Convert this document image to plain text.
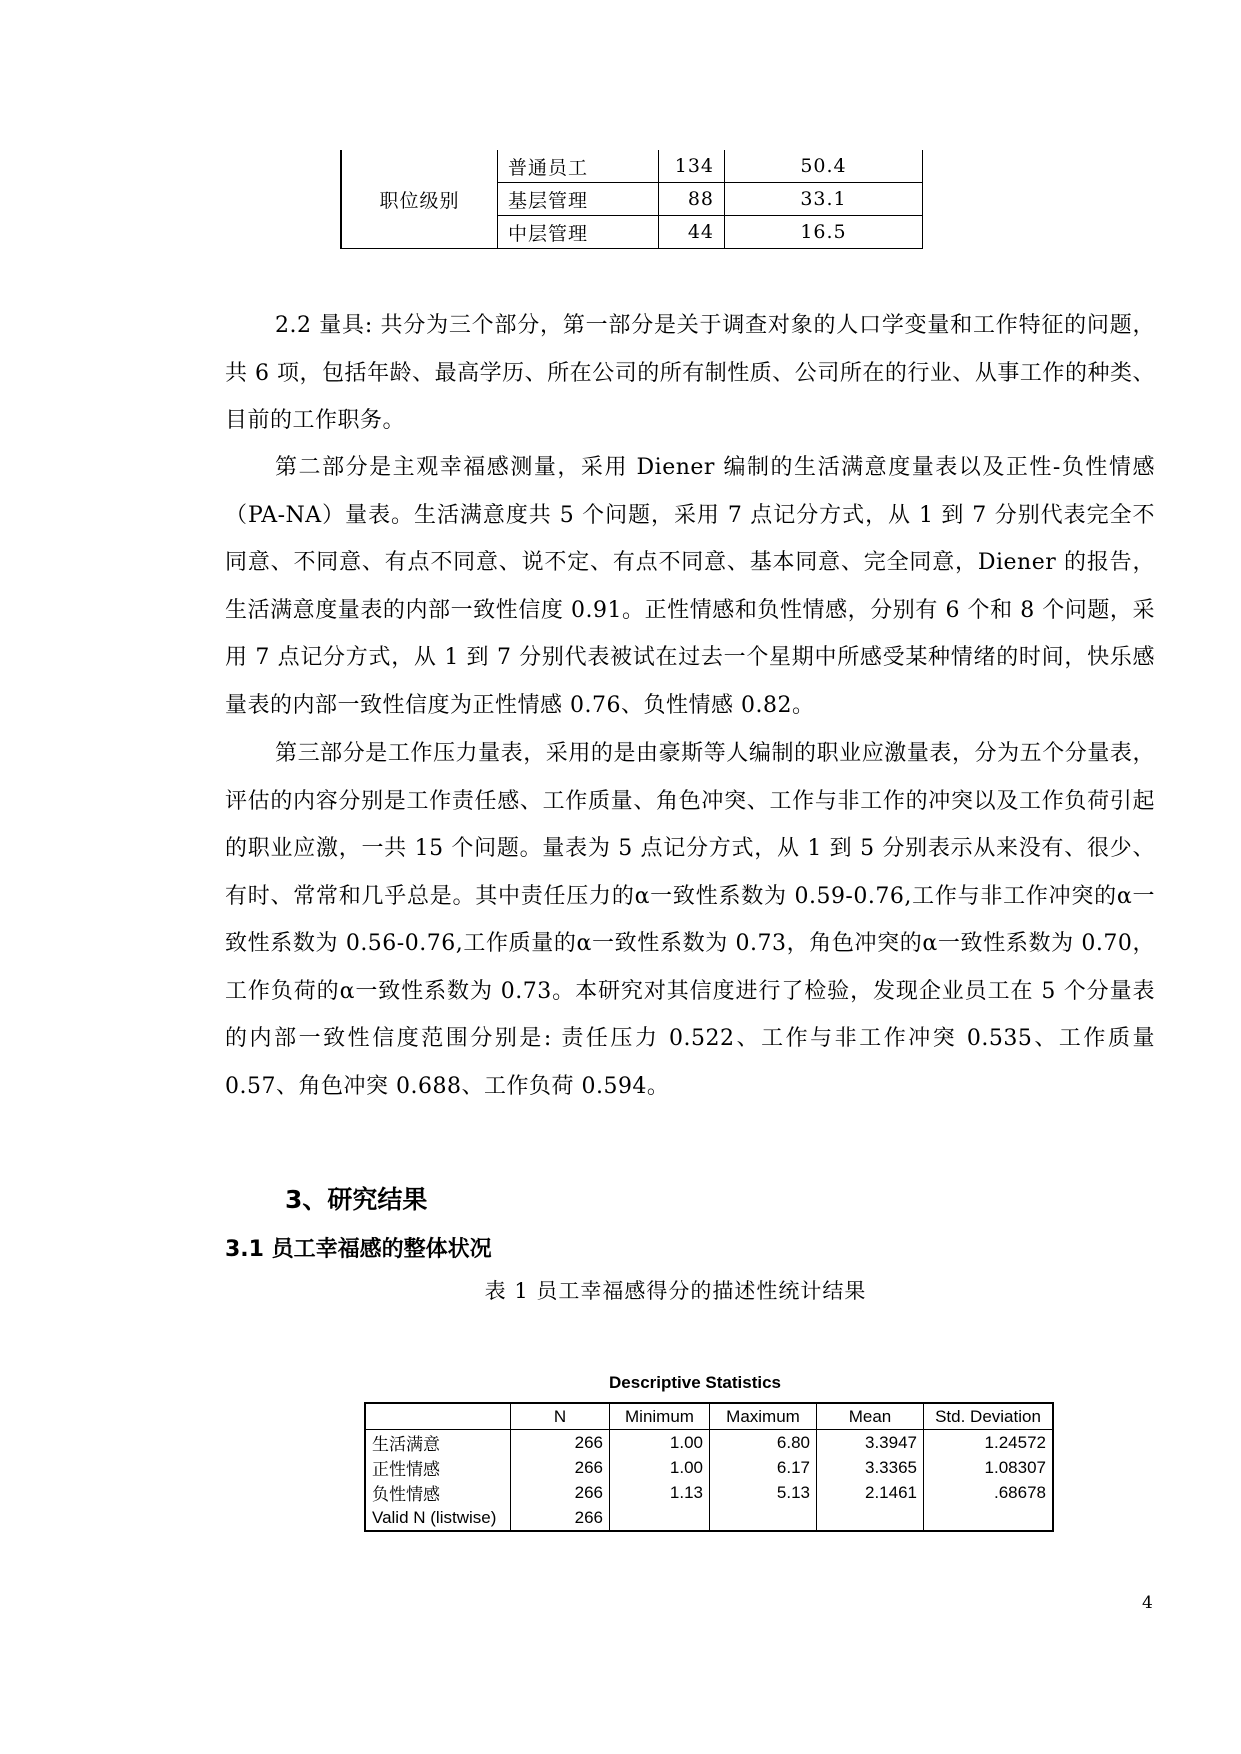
职位级别	普通员工	134	50.4
	基层管理	88	33.1
	中层管理	44	16.5

2.2 量具: 共分为三个部分，第一部分是关于调查对象的人口学变量和工作特征的问题，共 6 项，包括年龄、最高学历、所在公司的所有制性质、公司所在的行业、从事工作的种类、目前的工作职务。

第二部分是主观幸福感测量，采用 Diener 编制的生活满意度量表以及正性-负性情感（PA-NA）量表。生活满意度共 5 个问题，采用 7 点记分方式，从 1 到 7 分别代表完全不同意、不同意、有点不同意、说不定、有点不同意、基本同意、完全同意，Diener 的报告，生活满意度量表的内部一致性信度 0.91。正性情感和负性情感，分别有 6 个和 8 个问题，采用 7 点记分方式，从 1 到 7 分别代表被试在过去一个星期中所感受某种情绪的时间，快乐感量表的内部一致性信度为正性情感 0.76、负性情感 0.82。

第三部分是工作压力量表，采用的是由豪斯等人编制的职业应激量表，分为五个分量表，评估的内容分别是工作责任感、工作质量、角色冲突、工作与非工作的冲突以及工作负荷引起的职业应激，一共 15 个问题。量表为 5 点记分方式，从 1 到 5 分别表示从来没有、很少、有时、常常和几乎总是。其中责任压力的α一致性系数为 0.59-0.76,工作与非工作冲突的α一致性系数为 0.56-0.76,工作质量的α一致性系数为 0.73，角色冲突的α一致性系数为 0.70，工作负荷的α一致性系数为 0.73。本研究对其信度进行了检验，发现企业员工在 5 个分量表的内部一致性信度范围分别是: 责任压力 0.522、工作与非工作冲突 0.535、工作质量 0.57、角色冲突 0.688、工作负荷 0.594。

3、研究结果
3.1 员工幸福感的整体状况

表 1 员工幸福感得分的描述性统计结果

Descriptive Statistics

	N	Minimum	Maximum	Mean	Std. Deviation
生活满意	266	1.00	6.80	3.3947	1.24572
正性情感	266	1.00	6.17	3.3365	1.08307
负性情感	266	1.13	5.13	2.1461	.68678
Valid N (listwise)	266				

4
